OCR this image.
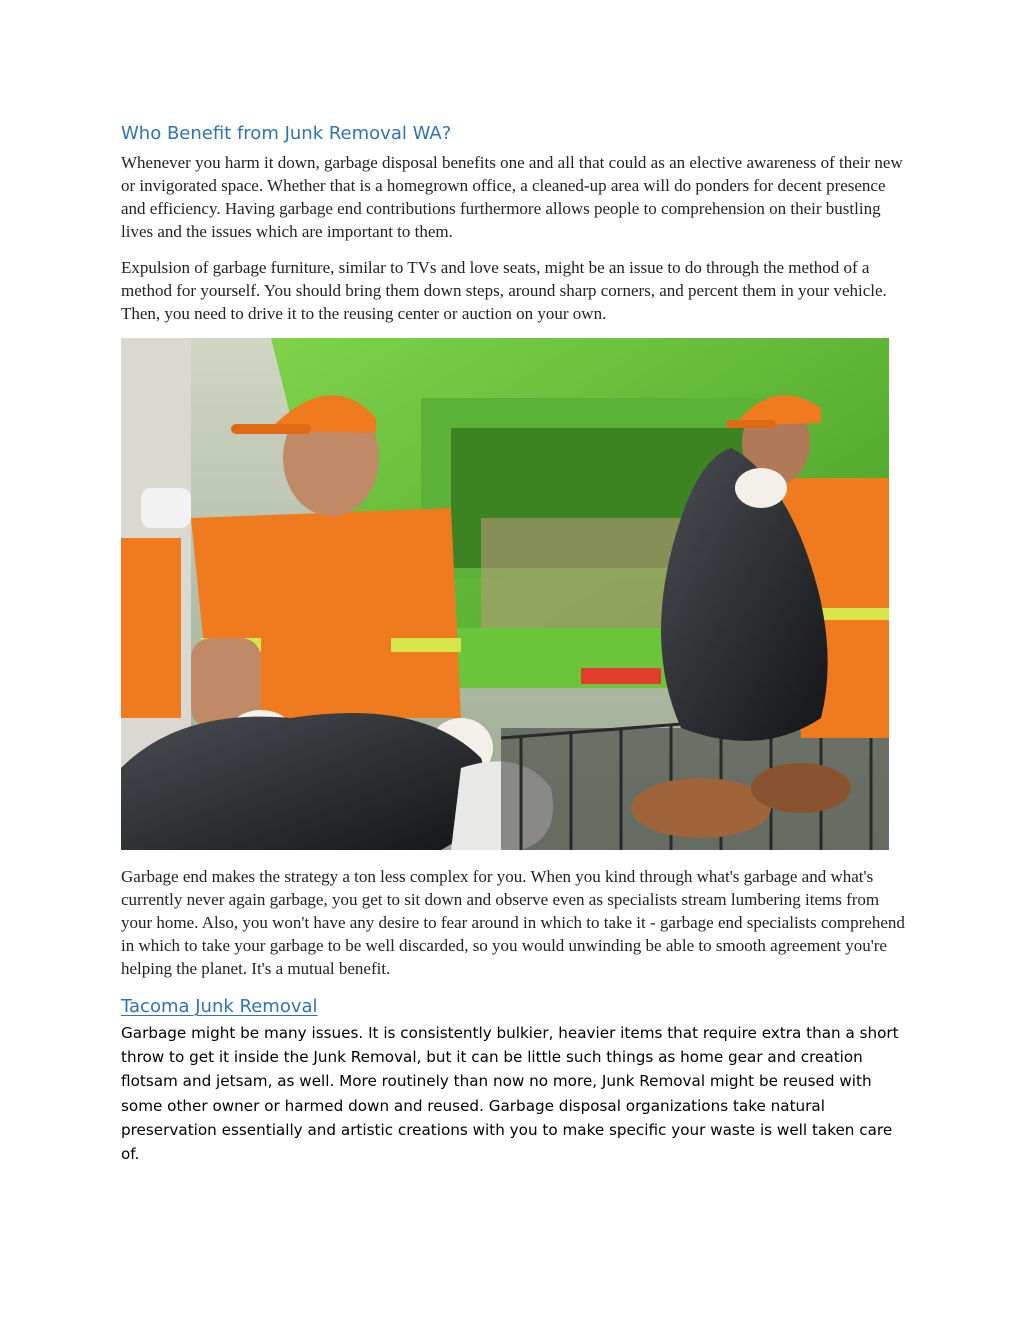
Who Benefit from Junk Removal WA?

Whenever you harm it down, garbage disposal benefits one and all that could as an elective awareness of their new or invigorated space. Whether that is a homegrown office, a cleaned-up area will do ponders for decent presence and efficiency. Having garbage end contributions furthermore allows people to comprehension on their bustling lives and the issues which are important to them.

Expulsion of garbage furniture, similar to TVs and love seats, might be an issue to do through the method of a method for yourself. You should bring them down steps, around sharp corners, and percent them in your vehicle. Then, you need to drive it to the reusing center or auction on your own.

Garbage end makes the strategy a ton less complex for you. When you kind through what's garbage and what's currently never again garbage, you get to sit down and observe even as specialists stream lumbering items from your home. Also, you won't have any desire to fear around in which to take it - garbage end specialists comprehend in which to take your garbage to be well discarded, so you would unwinding be able to smooth agreement you're helping the planet. It's a mutual benefit.

Tacoma Junk Removal

Garbage might be many issues. It is consistently bulkier, heavier items that require extra than a short throw to get it inside the Junk Removal, but it can be little such things as home gear and creation flotsam and jetsam, as well. More routinely than now no more, Junk Removal might be reused with some other owner or harmed down and reused. Garbage disposal organizations take natural preservation essentially and artistic creations with you to make specific your waste is well taken care of.
